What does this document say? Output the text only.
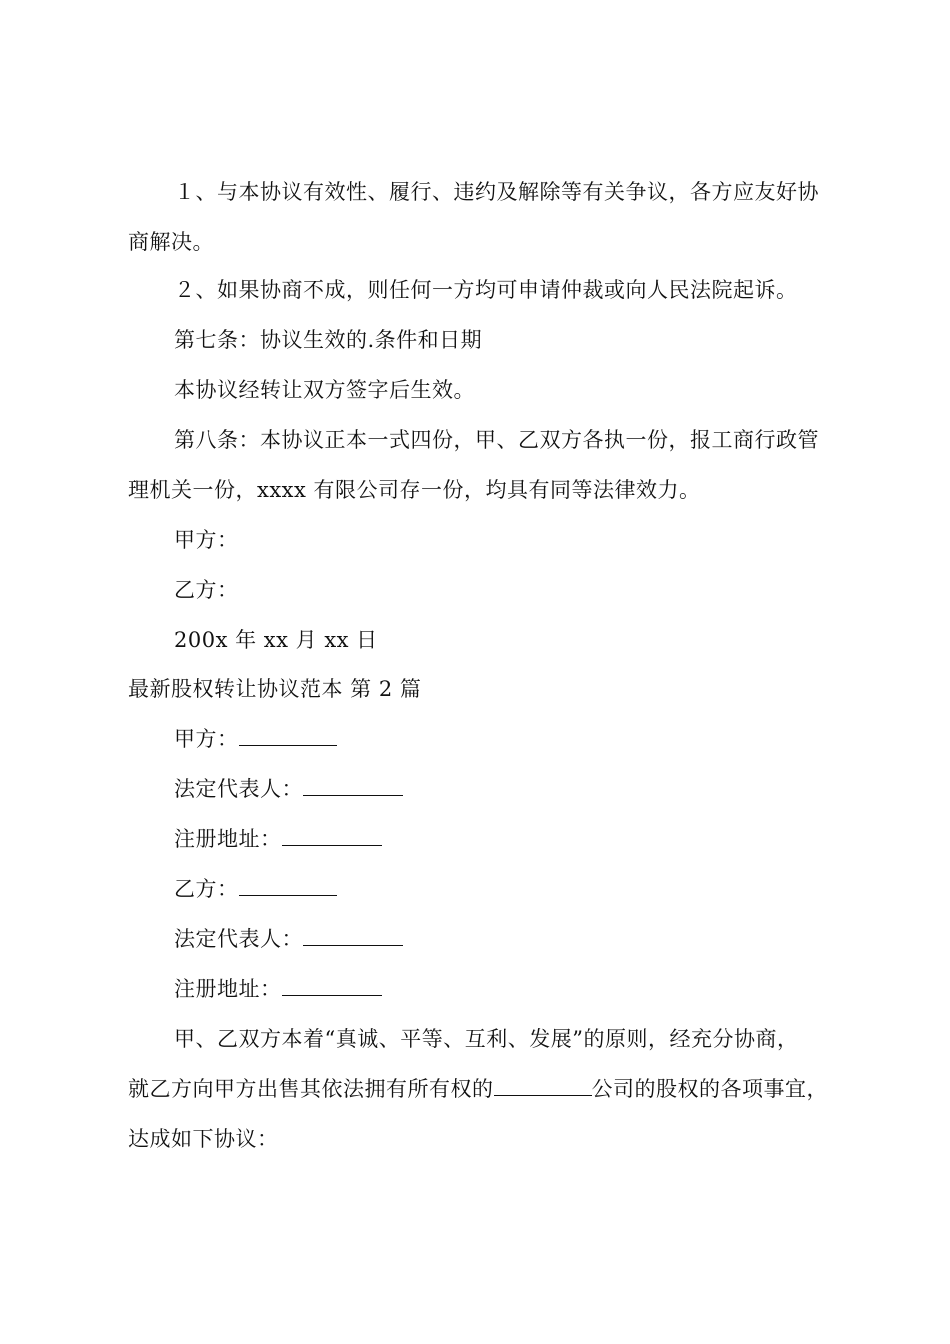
１、与本协议有效性、履行、违约及解除等有关争议，各方应友好协
商解决。
２、如果协商不成，则任何一方均可申请仲裁或向人民法院起诉。
第七条：协议生效的.条件和日期
本协议经转让双方签字后生效。
第八条：本协议正本一式四份，甲、乙双方各执一份，报工商行政管
理机关一份，xxxx 有限公司存一份，均具有同等法律效力。
甲方：
乙方：
200x 年 xx 月 xx 日
最新股权转让协议范本 第 2 篇
甲方：
法定代表人：
注册地址：
乙方：
法定代表人：
注册地址：
甲、乙双方本着“真诚、平等、互利、发展”的原则，经充分协商，
就乙方向甲方出售其依法拥有所有权的	公司的股权的各项事宜，
达成如下协议：
